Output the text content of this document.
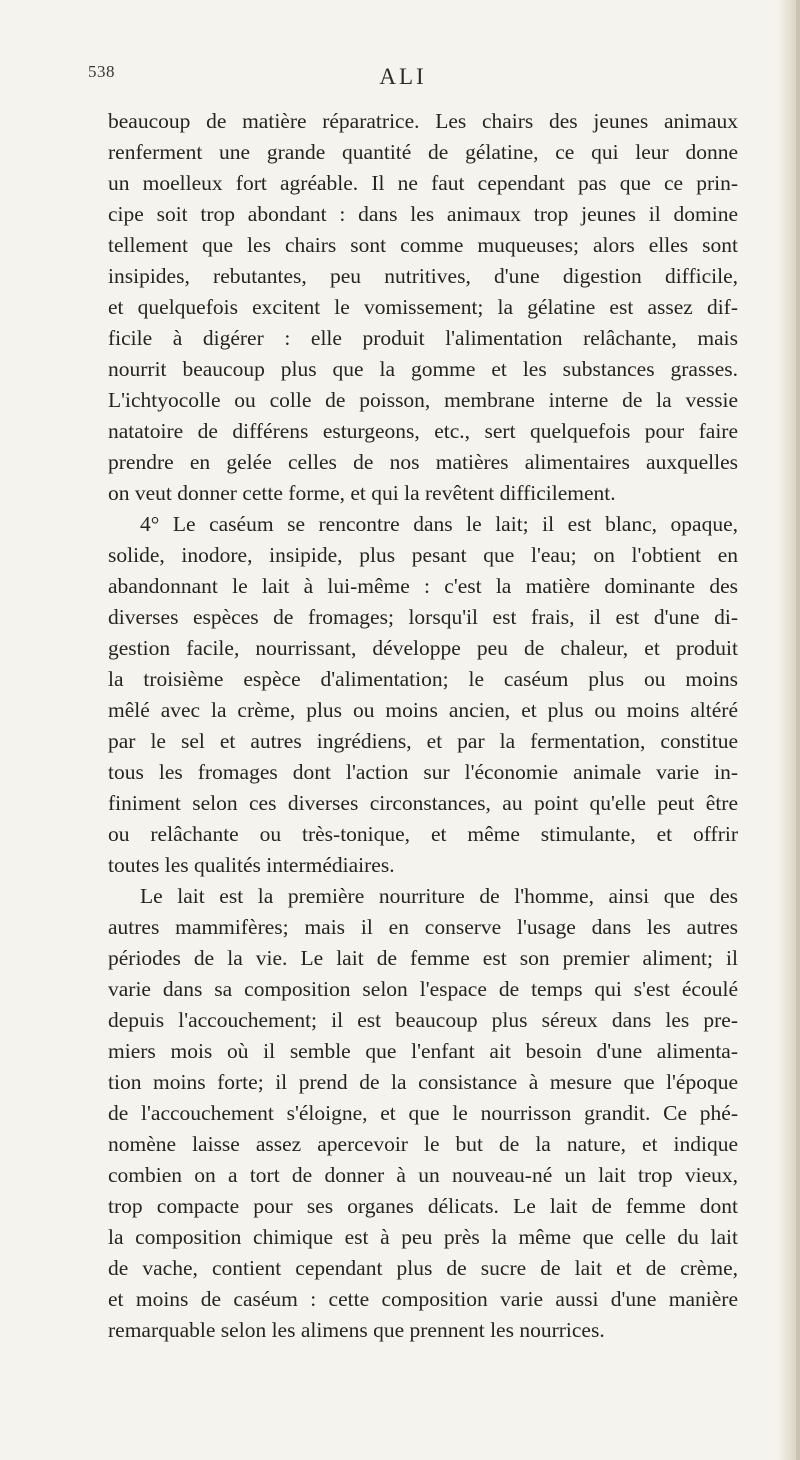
538	ALI
beaucoup de matière réparatrice. Les chairs des jeunes animaux
renferment une grande quantité de gélatine, ce qui leur donne
un moelleux fort agréable. Il ne faut cependant pas que ce prin-
cipe soit trop abondant : dans les animaux trop jeunes il domine
tellement que les chairs sont comme muqueuses; alors elles sont
insipides, rebutantes, peu nutritives, d'une digestion difficile,
et quelquefois excitent le vomissement; la gélatine est assez dif-
ficile à digérer : elle produit l'alimentation relâchante, mais
nourrit beaucoup plus que la gomme et les substances grasses.
L'ichtyocolle ou colle de poisson, membrane interne de la vessie
natatoire de différens esturgeons, etc., sert quelquefois pour faire
prendre en gelée celles de nos matières alimentaires auxquelles
on veut donner cette forme, et qui la revêtent difficilement.
4° Le caséum se rencontre dans le lait; il est blanc, opaque,
solide, inodore, insipide, plus pesant que l'eau; on l'obtient en
abandonnant le lait à lui-même : c'est la matière dominante des
diverses espèces de fromages; lorsqu'il est frais, il est d'une di-
gestion facile, nourrissant, développe peu de chaleur, et produit
la troisième espèce d'alimentation; le caséum plus ou moins
mêlé avec la crème, plus ou moins ancien, et plus ou moins altéré
par le sel et autres ingrédiens, et par la fermentation, constitue
tous les fromages dont l'action sur l'économie animale varie in-
finiment selon ces diverses circonstances, au point qu'elle peut être
ou relâchante ou très-tonique, et même stimulante, et offrir
toutes les qualités intermédiaires.
Le lait est la première nourriture de l'homme, ainsi que des
autres mammifères; mais il en conserve l'usage dans les autres
périodes de la vie. Le lait de femme est son premier aliment; il
varie dans sa composition selon l'espace de temps qui s'est écoulé
depuis l'accouchement; il est beaucoup plus séreux dans les pre-
miers mois où il semble que l'enfant ait besoin d'une alimenta-
tion moins forte; il prend de la consistance à mesure que l'époque
de l'accouchement s'éloigne, et que le nourrisson grandit. Ce phé-
nomène laisse assez apercevoir le but de la nature, et indique
combien on a tort de donner à un nouveau-né un lait trop vieux,
trop compacte pour ses organes délicats. Le lait de femme dont
la composition chimique est à peu près la même que celle du lait
de vache, contient cependant plus de sucre de lait et de crème,
et moins de caséum : cette composition varie aussi d'une manière
remarquable selon les alimens que prennent les nourrices.
